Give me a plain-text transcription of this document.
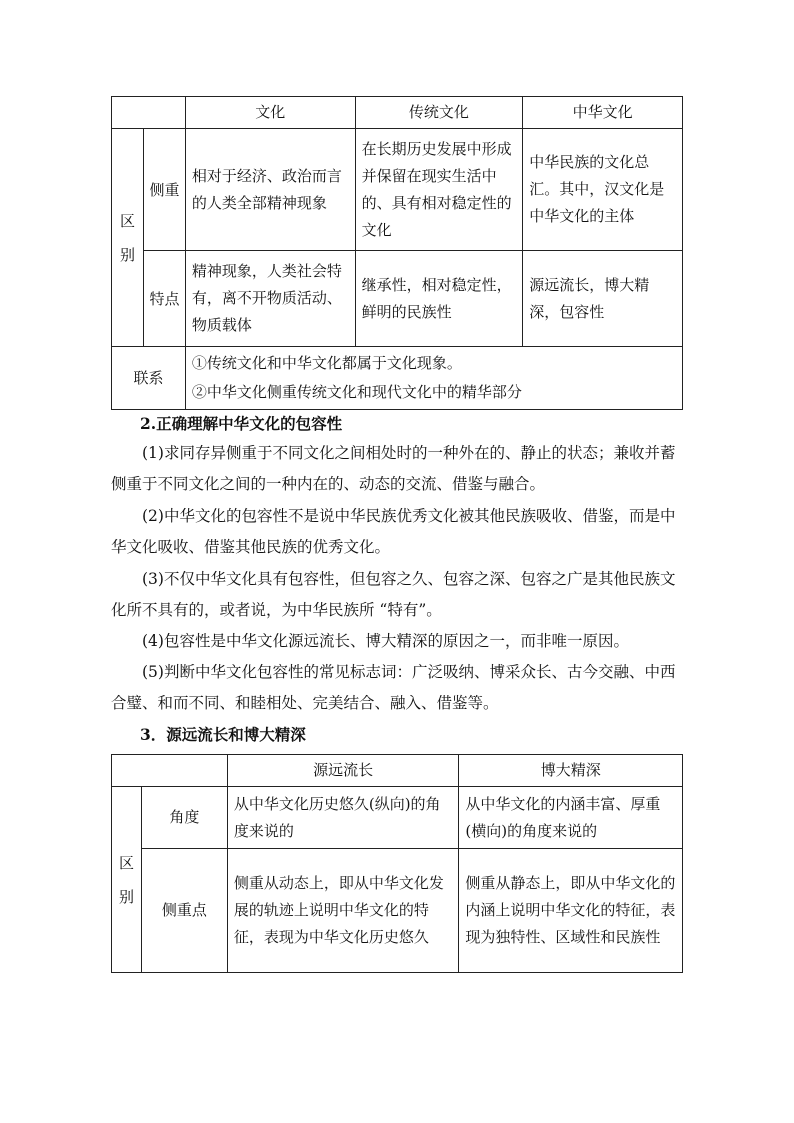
		文化	传统文化	中华文化
区别	侧重	相对于经济、政治而言的人类全部精神现象	在长期历史发展中形成并保留在现实生活中的、具有相对稳定性的文化	中华民族的文化总汇。其中，汉文化是中华文化的主体
	特点	精神现象，人类社会特有，离不开物质活动、物质载体	继承性，相对稳定性，鲜明的民族性	源远流长，博大精深，包容性
联系		①传统文化和中华文化都属于文化现象。
②中华文化侧重传统文化和现代文化中的精华部分		
2.正确理解中华文化的包容性
(1)求同存异侧重于不同文化之间相处时的一种外在的、静止的状态；兼收并蓄侧重于不同文化之间的一种内在的、动态的交流、借鉴与融合。
(2)中华文化的包容性不是说中华民族优秀文化被其他民族吸收、借鉴，而是中华文化吸收、借鉴其他民族的优秀文化。
(3)不仅中华文化具有包容性，但包容之久、包容之深、包容之广是其他民族文化所不具有的，或者说，为中华民族所 “特有”。
(4)包容性是中华文化源远流长、博大精深的原因之一，而非唯一原因。
(5)判断中华文化包容性的常见标志词：广泛吸纳、博采众长、古今交融、中西合璧、和而不同、和睦相处、完美结合、融入、借鉴等。
3．源远流长和博大精深
		源远流长	博大精深
区别	角度	从中华文化历史悠久(纵向)的角度来说的	从中华文化的内涵丰富、厚重(横向)的角度来说的
	侧重点	侧重从动态上，即从中华文化发展的轨迹上说明中华文化的特征，表现为中华文化历史悠久	侧重从静态上，即从中华文化的内涵上说明中华文化的特征，表现为独特性、区域性和民族性
